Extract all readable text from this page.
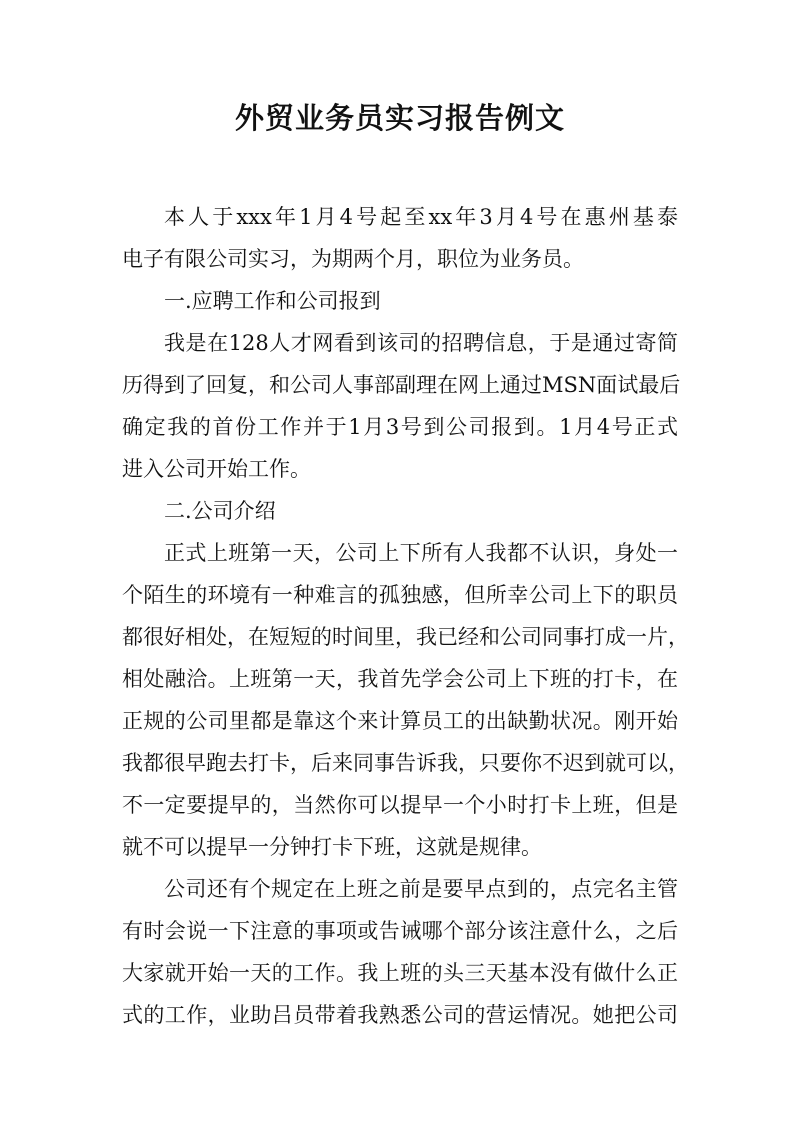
外贸业务员实习报告例文
本人于xxx年1月4号起至xx年3月4号在惠州基泰
电子有限公司实习，为期两个月，职位为业务员。
一.应聘工作和公司报到
我是在128人才网看到该司的招聘信息，于是通过寄简
历得到了回复，和公司人事部副理在网上通过MSN面试最后
确定我的首份工作并于1月3号到公司报到。1月4号正式
进入公司开始工作。
二.公司介绍
正式上班第一天，公司上下所有人我都不认识，身处一
个陌生的环境有一种难言的孤独感，但所幸公司上下的职员
都很好相处，在短短的时间里，我已经和公司同事打成一片，
相处融洽。上班第一天，我首先学会公司上下班的打卡，在
正规的公司里都是靠这个来计算员工的出缺勤状况。刚开始
我都很早跑去打卡，后来同事告诉我，只要你不迟到就可以，
不一定要提早的，当然你可以提早一个小时打卡上班，但是
就不可以提早一分钟打卡下班，这就是规律。
公司还有个规定在上班之前是要早点到的，点完名主管
有时会说一下注意的事项或告诫哪个部分该注意什么，之后
大家就开始一天的工作。我上班的头三天基本没有做什么正
式的工作，业助吕员带着我熟悉公司的营运情况。她把公司
